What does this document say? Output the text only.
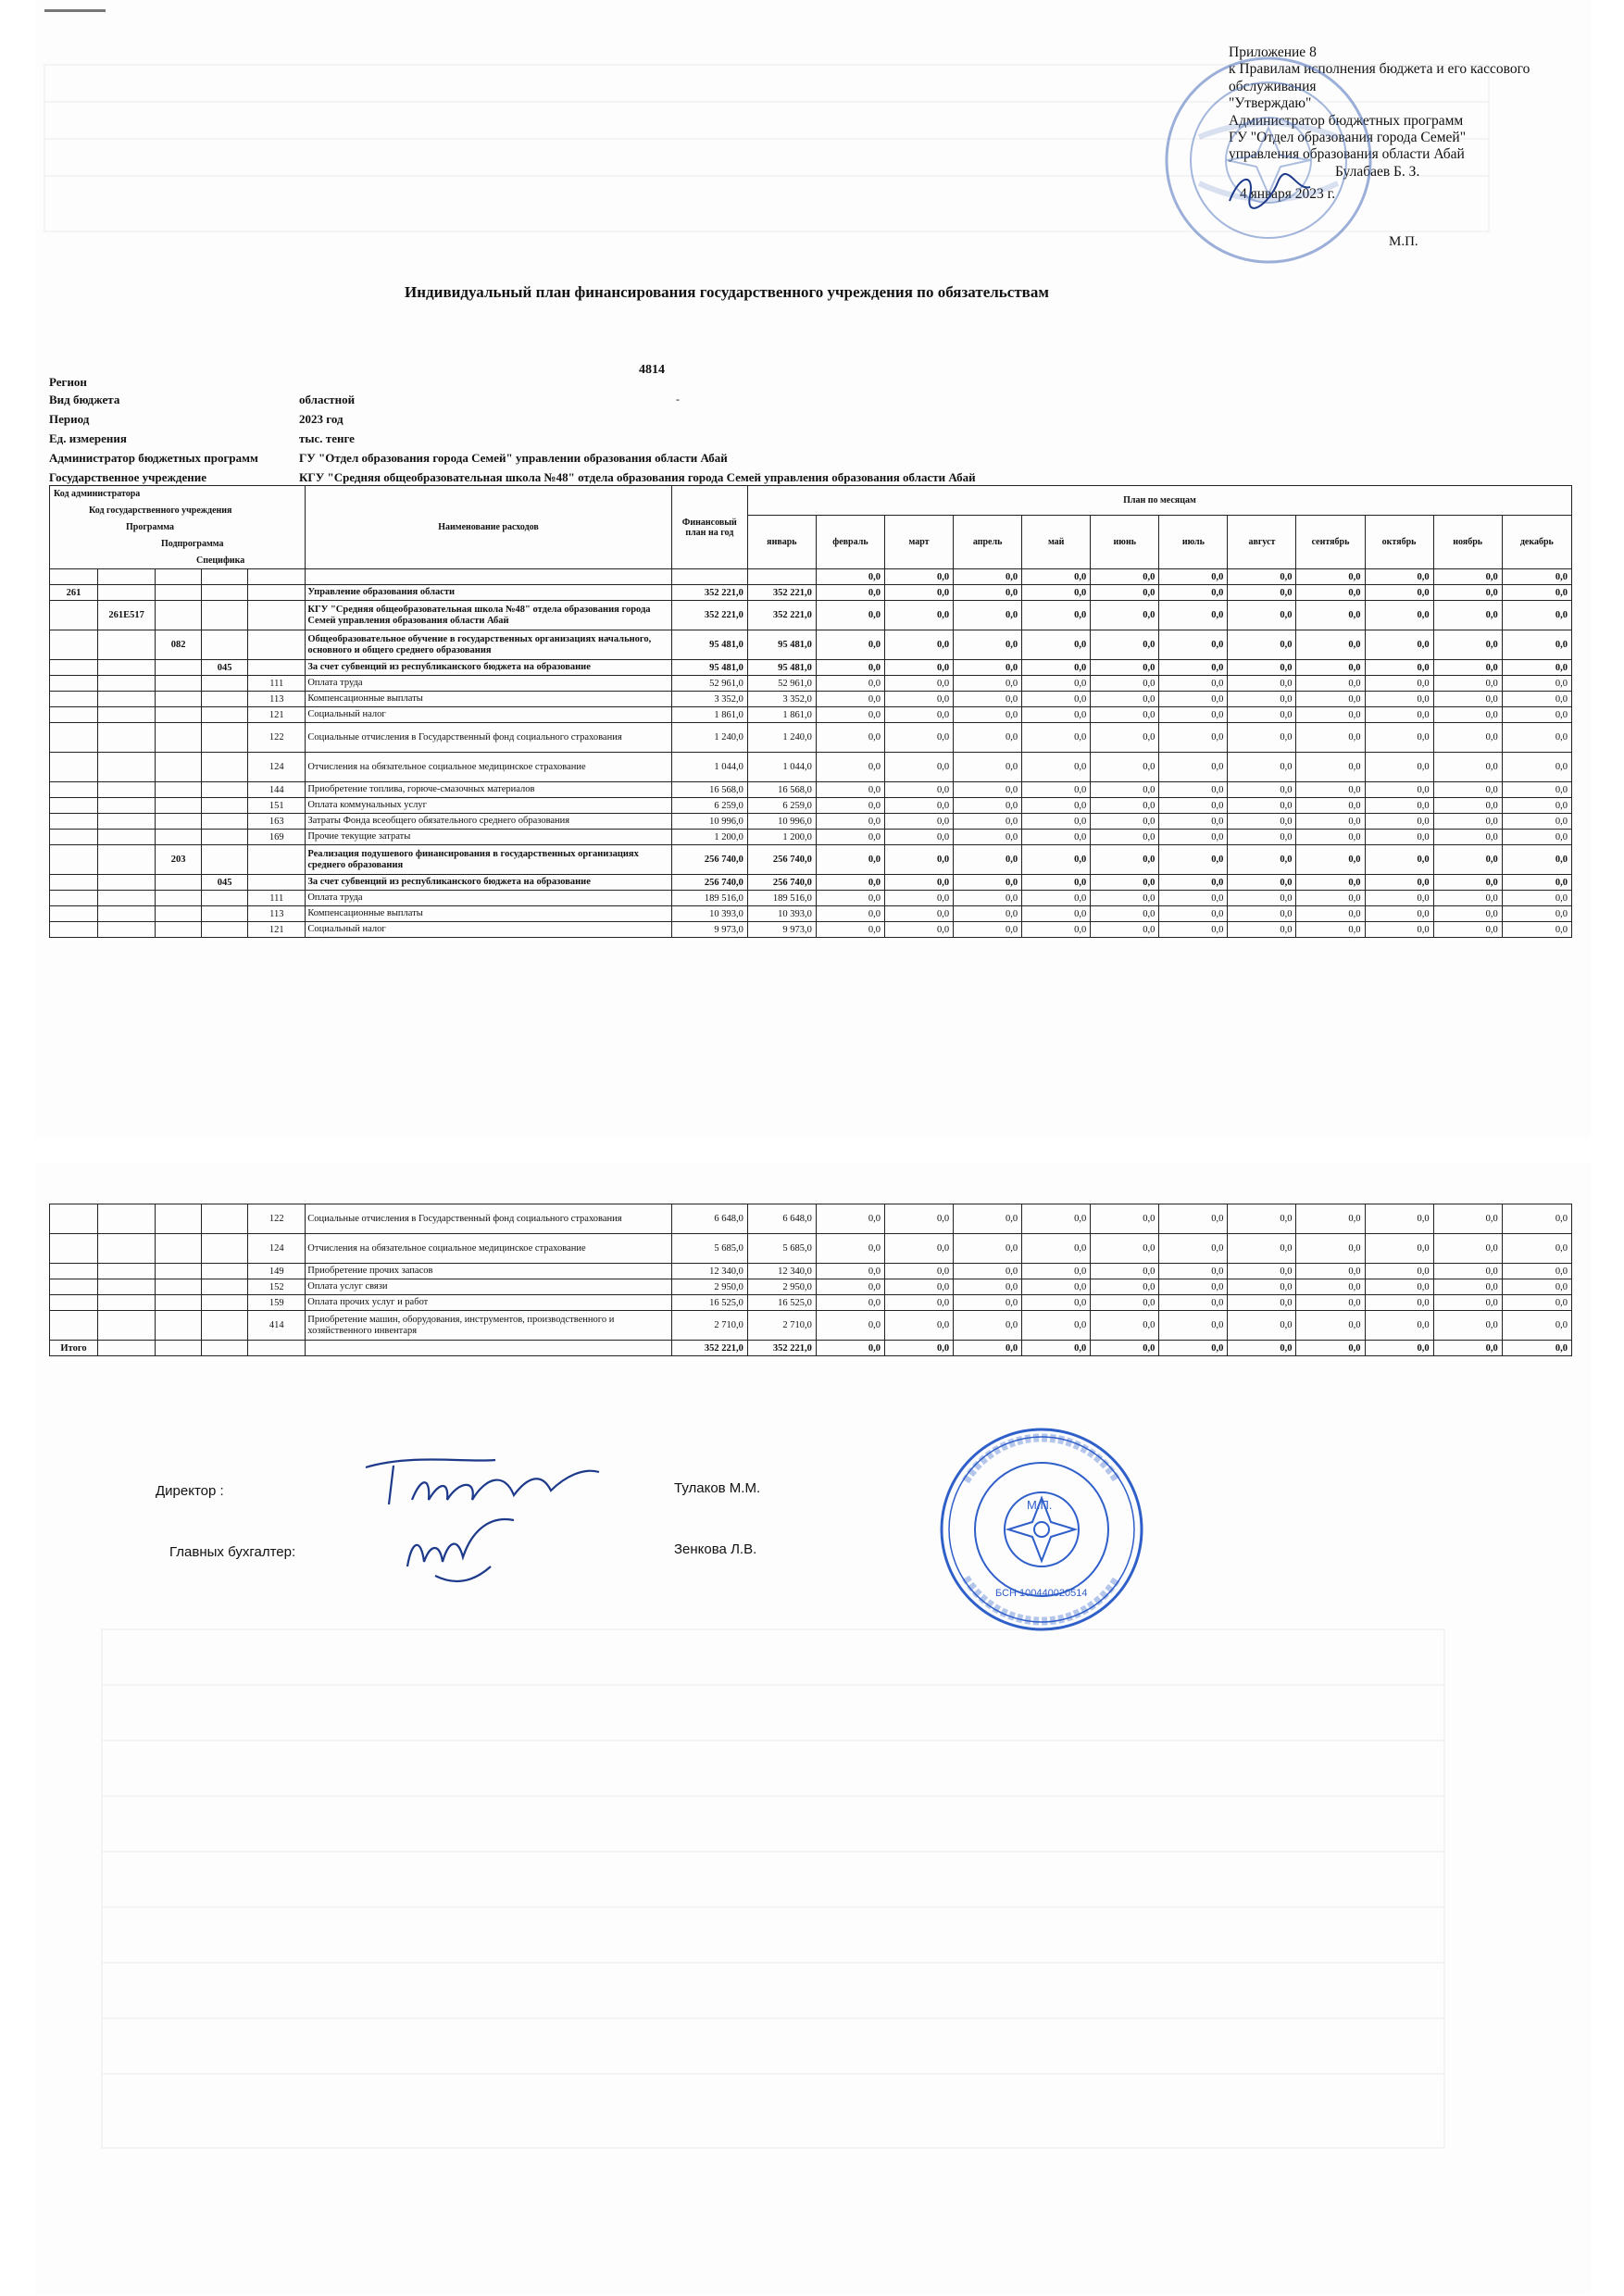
Приложение 8
к Правилам исполнения бюджета и его кассового
обслуживания
"Утверждаю"
Администратор бюджетных программ
ГУ "Отдел образования города Семей"
управления образования области Абай
Булабаев Б. З.
4 января 2023 г.
М.П.
Индивидуальный план финансирования государственного учреждения по обязательствам
4814
-
Регион
Вид бюджета	областной
Период	2023 год
Ед. измерения	тыс. тенге
Администратор бюджетных программ	ГУ "Отдел образования города Семей" управлении образования области Абай
Государственное учреждение	КГУ "Средняя общеобразовательная школа №48" отдела образования города Семей управления образования области Абай
Код администратора
Код государственного учреждения
Программа
Подпрограмма
Специфика					Наименование расходов	Финансовый план на год	План по месяцам											
							январь	февраль	март	апрель	май	июнь	июль	август	сентябрь	октябрь	ноябрь	декабрь
								0,0	0,0	0,0	0,0	0,0	0,0	0,0	0,0	0,0	0,0	0,0
261					Управление образования области	352 221,0	352 221,0	0,0	0,0	0,0	0,0	0,0	0,0	0,0	0,0	0,0	0,0	0,0
	261E517				КГУ "Средняя общеобразовательная школа №48" отдела образования города Семей управления образования области Абай	352 221,0	352 221,0	0,0	0,0	0,0	0,0	0,0	0,0	0,0	0,0	0,0	0,0	0,0
		082			Общеобразовательное обучение в государственных организациях начального, основного и общего среднего образования	95 481,0	95 481,0	0,0	0,0	0,0	0,0	0,0	0,0	0,0	0,0	0,0	0,0	0,0
			045		За счет субвенций из республиканского бюджета на образование	95 481,0	95 481,0	0,0	0,0	0,0	0,0	0,0	0,0	0,0	0,0	0,0	0,0	0,0
				111	Оплата труда	52 961,0	52 961,0	0,0	0,0	0,0	0,0	0,0	0,0	0,0	0,0	0,0	0,0	0,0
				113	Компенсационные выплаты	3 352,0	3 352,0	0,0	0,0	0,0	0,0	0,0	0,0	0,0	0,0	0,0	0,0	0,0
				121	Социальный налог	1 861,0	1 861,0	0,0	0,0	0,0	0,0	0,0	0,0	0,0	0,0	0,0	0,0	0,0
				122	Социальные отчисления в Государственный фонд социального страхования	1 240,0	1 240,0	0,0	0,0	0,0	0,0	0,0	0,0	0,0	0,0	0,0	0,0	0,0
				124	Отчисления на обязательное социальное медицинское страхование	1 044,0	1 044,0	0,0	0,0	0,0	0,0	0,0	0,0	0,0	0,0	0,0	0,0	0,0
				144	Приобретение топлива, горюче-смазочных материалов	16 568,0	16 568,0	0,0	0,0	0,0	0,0	0,0	0,0	0,0	0,0	0,0	0,0	0,0
				151	Оплата коммунальных услуг	6 259,0	6 259,0	0,0	0,0	0,0	0,0	0,0	0,0	0,0	0,0	0,0	0,0	0,0
				163	Затраты Фонда всеобщего обязательного среднего образования	10 996,0	10 996,0	0,0	0,0	0,0	0,0	0,0	0,0	0,0	0,0	0,0	0,0	0,0
				169	Прочие текущие затраты	1 200,0	1 200,0	0,0	0,0	0,0	0,0	0,0	0,0	0,0	0,0	0,0	0,0	0,0
		203			Реализация подушевого финансирования в государственных организациях среднего образования	256 740,0	256 740,0	0,0	0,0	0,0	0,0	0,0	0,0	0,0	0,0	0,0	0,0	0,0
			045		За счет субвенций из республиканского бюджета на образование	256 740,0	256 740,0	0,0	0,0	0,0	0,0	0,0	0,0	0,0	0,0	0,0	0,0	0,0
				111	Оплата труда	189 516,0	189 516,0	0,0	0,0	0,0	0,0	0,0	0,0	0,0	0,0	0,0	0,0	0,0
				113	Компенсационные выплаты	10 393,0	10 393,0	0,0	0,0	0,0	0,0	0,0	0,0	0,0	0,0	0,0	0,0	0,0
				121	Социальный налог	9 973,0	9 973,0	0,0	0,0	0,0	0,0	0,0	0,0	0,0	0,0	0,0	0,0	0,0
				122	Социальные отчисления в Государственный фонд социального страхования	6 648,0	6 648,0	0,0	0,0	0,0	0,0	0,0	0,0	0,0	0,0	0,0	0,0	0,0
				124	Отчисления на обязательное социальное медицинское страхование	5 685,0	5 685,0	0,0	0,0	0,0	0,0	0,0	0,0	0,0	0,0	0,0	0,0	0,0
				149	Приобретение прочих запасов	12 340,0	12 340,0	0,0	0,0	0,0	0,0	0,0	0,0	0,0	0,0	0,0	0,0	0,0
				152	Оплата услуг связи	2 950,0	2 950,0	0,0	0,0	0,0	0,0	0,0	0,0	0,0	0,0	0,0	0,0	0,0
				159	Оплата прочих услуг и работ	16 525,0	16 525,0	0,0	0,0	0,0	0,0	0,0	0,0	0,0	0,0	0,0	0,0	0,0
				414	Приобретение машин, оборудования, инструментов, производственного и хозяйственного инвентаря	2 710,0	2 710,0	0,0	0,0	0,0	0,0	0,0	0,0	0,0	0,0	0,0	0,0	0,0
Итого						352 221,0	352 221,0	0,0	0,0	0,0	0,0	0,0	0,0	0,0	0,0	0,0	0,0	0,0
Директор :	Тулаков М.М.
Главных бухгалтер:	Зенкова Л.В.
М.П.
БСН 100440020514
